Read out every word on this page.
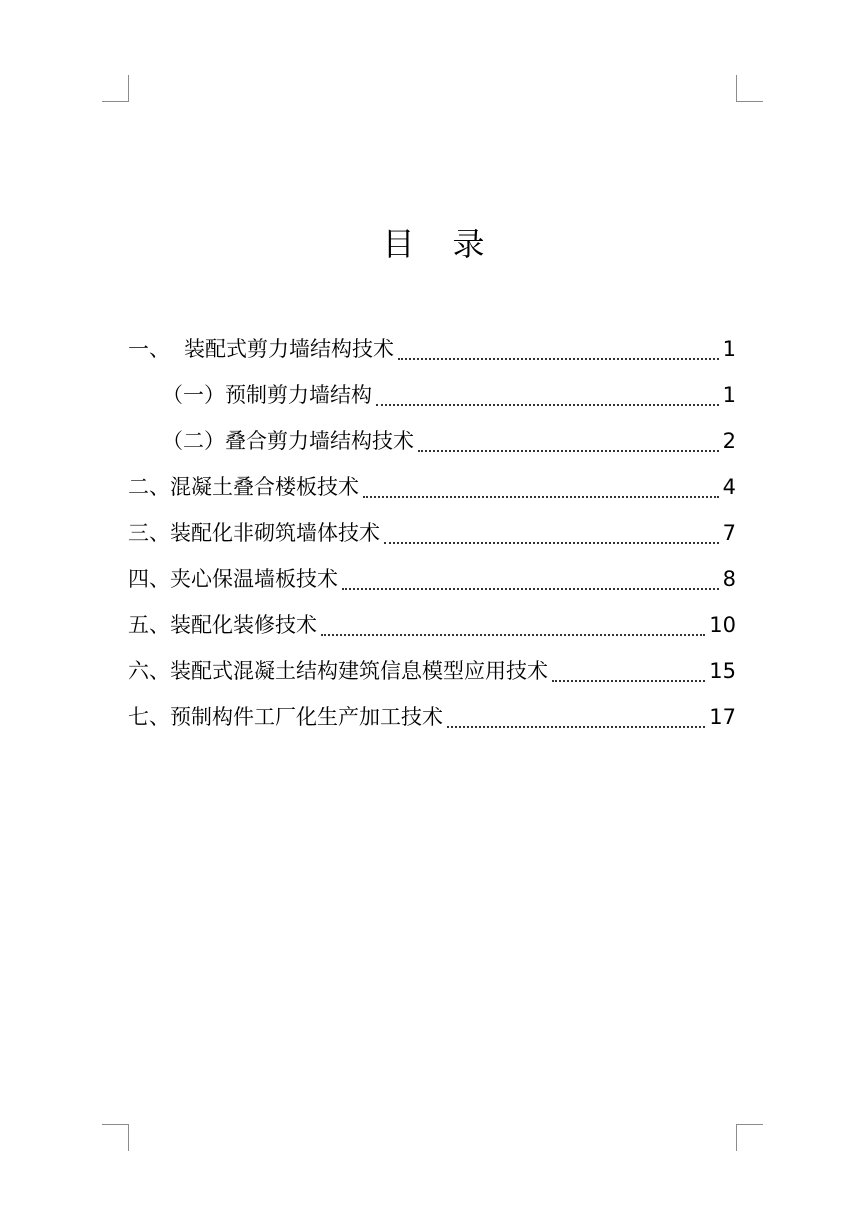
目 录
一、 装配式剪力墙结构技术	1
（一） 预制剪力墙结构	1
（二） 叠合剪力墙结构技术	2
二、 混凝土叠合楼板技术	4
三、 装配化非砌筑墙体技术	7
四、 夹心保温墙板技术	8
五、 装配化装修技术	10
六、 装配式混凝土结构建筑信息模型应用技术	15
七、 预制构件工厂化生产加工技术	17
